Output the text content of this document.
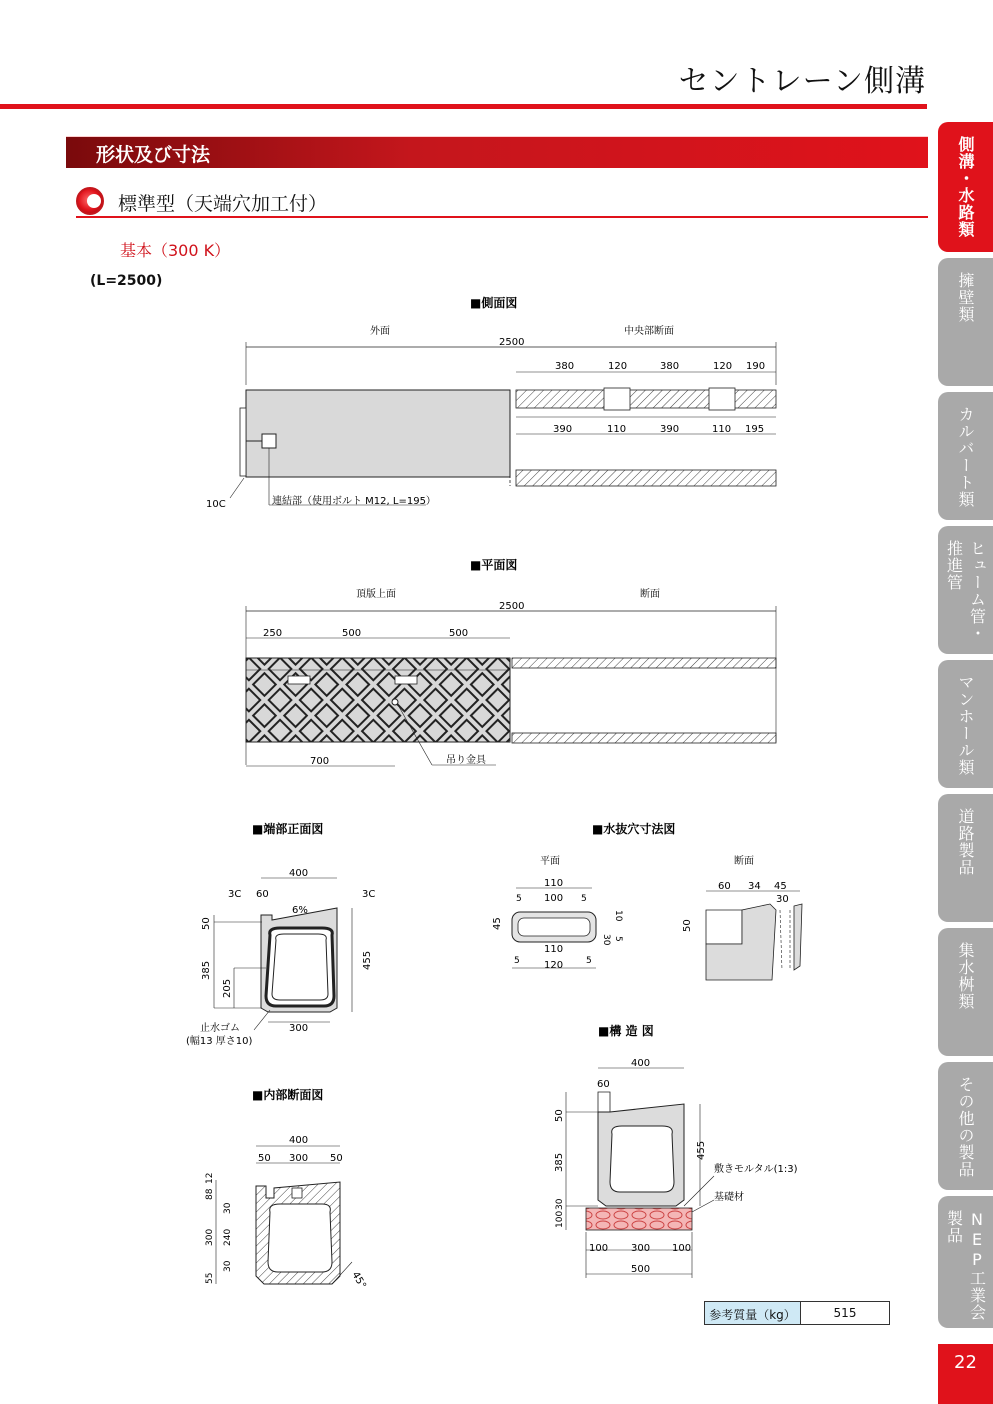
セントレーン側溝
形状及び寸法
標準型（天端穴加工付）
基本（300 K）
(L=2500)
■側面図
外面	中央部断面
2500
380	120	380	120 190
390	110	390	110 195
10C	連結部（使用ボルト M12, L=195）
■平面図
頂版上面	断面
2500
250	500	500
700	吊り金具
■端部正面図
400
3C 60	3C
6%
50
385
205
455
300
止水ゴム
(幅13 厚さ10)
■水抜穴寸法図
平面	断面
110
5 100 5
45
30
10
5
110
5 120	5
60 34 45
30
50
■内部断面図
400
50 300 50
88
12
30
240
300
30
55	45°
■構 造 図
400
60
50
385
30
100
455
敷きモルタル(1:3)
基礎材
100 300 100
500
参考質量（kg）	515
側溝・水路類
擁壁類
カルバート類
ヒューム管・推進管
マンホール類
道路製品
集水桝類
その他の製品
NEP工業会製品
22
